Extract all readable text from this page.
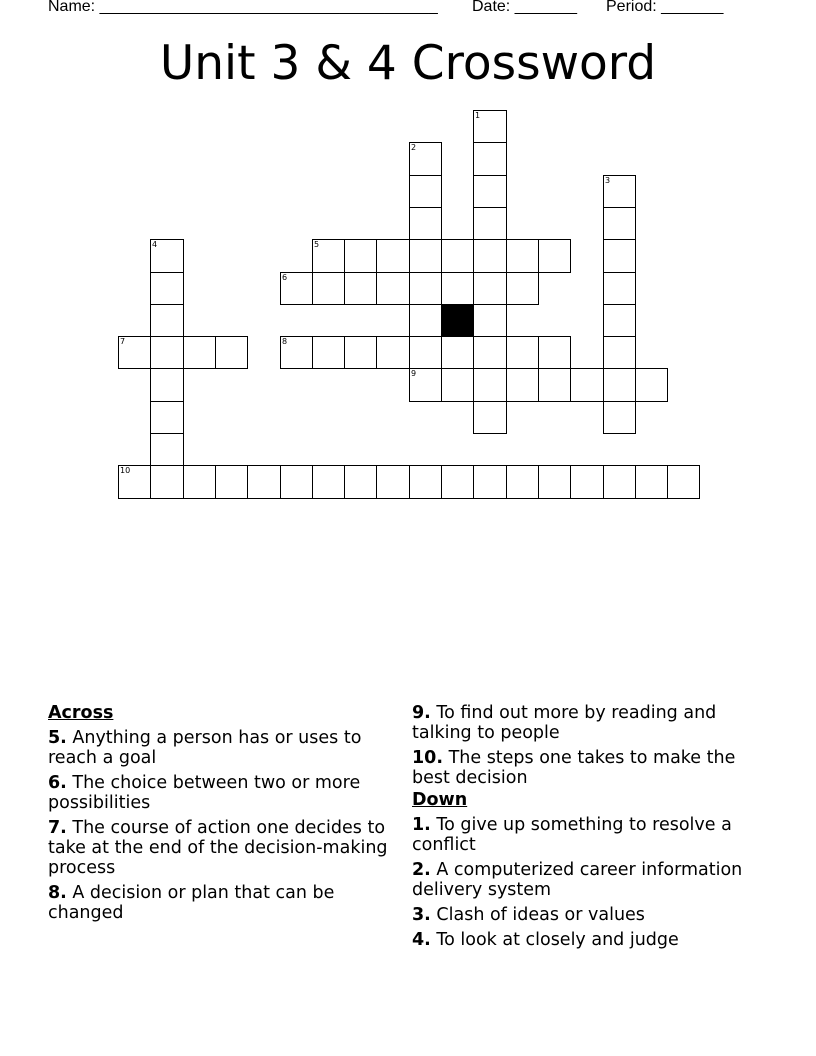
Name: ______________________________________

Date: _______

Period: _______

Unit 3 & 4 Crossword
1
2
9
3
4	5
6
7	8
10
Across
5. Anything a person has or uses to reach a goal
6. The choice between two or more possibilities
7. The course of action one decides to take at the end of the decision-making process
8. A decision or plan that can be changed
9. To find out more by reading and talking to people
10. The steps one takes to make the best decision
Down
1. To give up something to resolve a conflict
2. A computerized career information delivery system
3. Clash of ideas or values
4. To look at closely and judge
